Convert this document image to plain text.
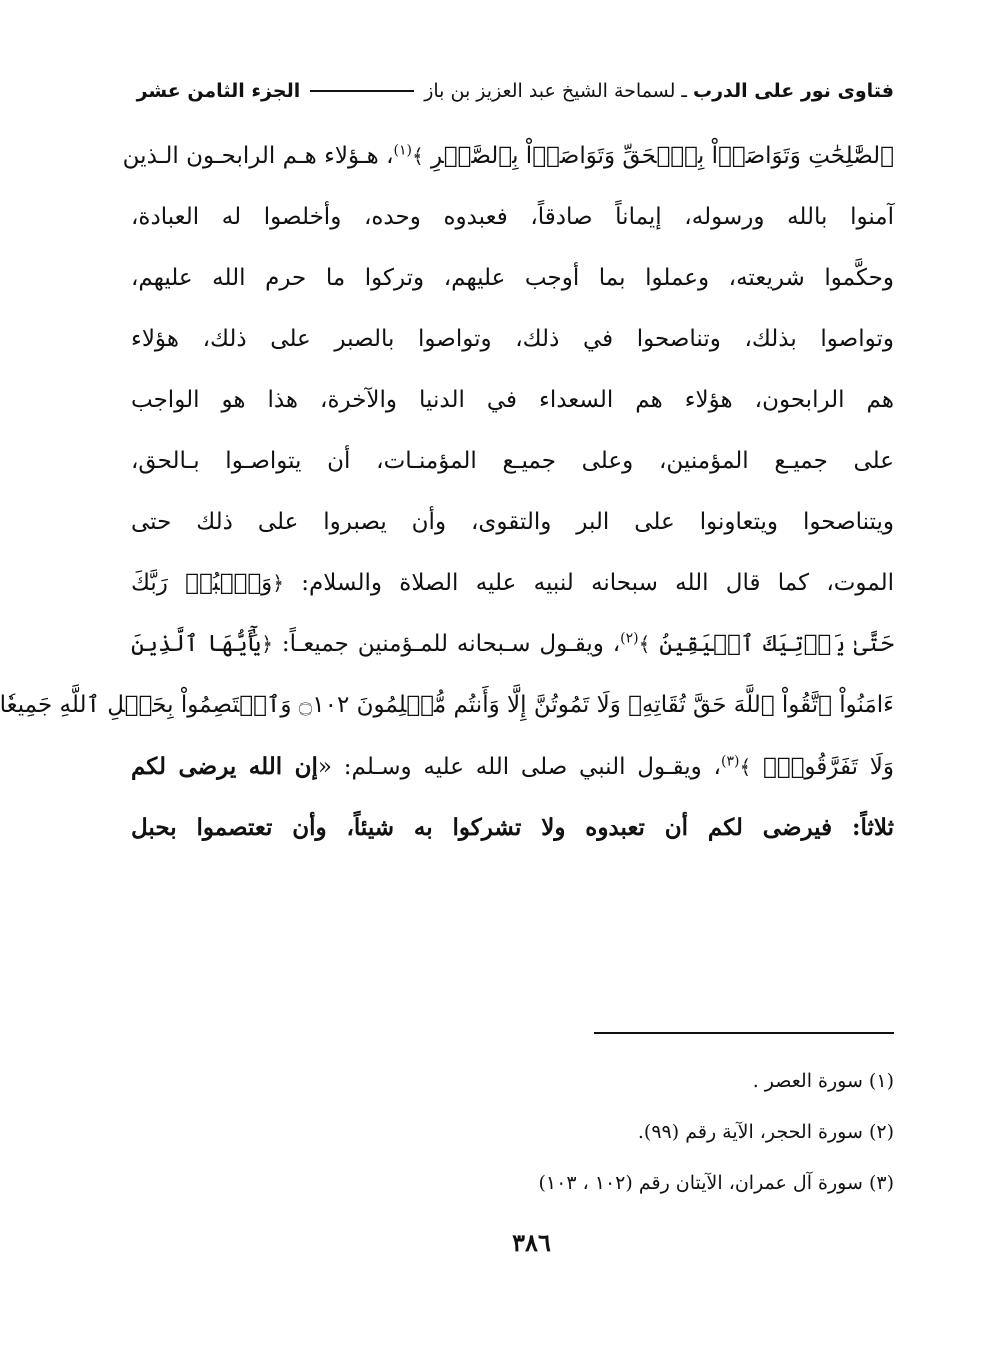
فتاوى نور على الدرب
ـ
لسماحة الشيخ عبد العزيز بن باز
الجزء الثامن عشر
ٱلصَّٰلِحَٰتِ وَتَوَاصَوۡاْ بِٱلۡحَقِّ وَتَوَاصَوۡاْ بِٱلصَّبۡرِ ﴾$^{(١)}$، هـؤلاء هـم الرابحـون الـذين
آمنوا بالله ورسوله، إيماناً صادقاً، فعبدوه وحده، وأخلصوا له العبادة،
وحكَّموا شريعته، وعملوا بما أوجب عليهم، وتركوا ما حرم الله عليهم،
وتواصوا بذلك، وتناصحوا في ذلك، وتواصوا بالصبر على ذلك، هؤلاء
هم الرابحون، هؤلاء هم السعداء في الدنيا والآخرة، هذا هو الواجب
على جميـع المؤمنين، وعلى جميـع المؤمنـات، أن يتواصـوا بـالحق،
ويتناصحوا ويتعاونوا على البر والتقوى، وأن يصبروا على ذلك حتى
الموت، كما قال الله سبحانه لنبيه عليه الصلاة والسلام: ﴿وَٱعۡبُدۡ رَبَّكَ
حَتَّىٰ يَأۡتِيَكَ ٱلۡيَقِينُ ﴾$^{(٢)}$، ويقـول سـبحانه للمـؤمنين جميعـاً: ﴿يَٰٓأَيُّهَا ٱلَّذِينَ
ءَامَنُواْ ٱتَّقُواْ ٱللَّهَ حَقَّ تُقَاتِهِۦ وَلَا تَمُوتُنَّ إِلَّا وَأَنتُم مُّسۡلِمُونَ ۝١٠٢ وَٱعۡتَصِمُواْ بِحَبۡلِ ٱللَّهِ جَمِيعٗا
وَلَا تَفَرَّقُواْۚ ﴾$^{(٣)}$، ويقـول النبي صلى الله عليه وسـلم: «إن الله يرضى لكم
ثلاثاً: فيرضى لكم أن تعبدوه ولا تشركوا به شيئاً، وأن تعتصموا بحبل
(١) سورة العصر .
(٢) سورة الحجر، الآية رقم (٩٩).
(٣) سورة آل عمران، الآيتان رقم (١٠٢ ، ١٠٣)
٣٨٦
